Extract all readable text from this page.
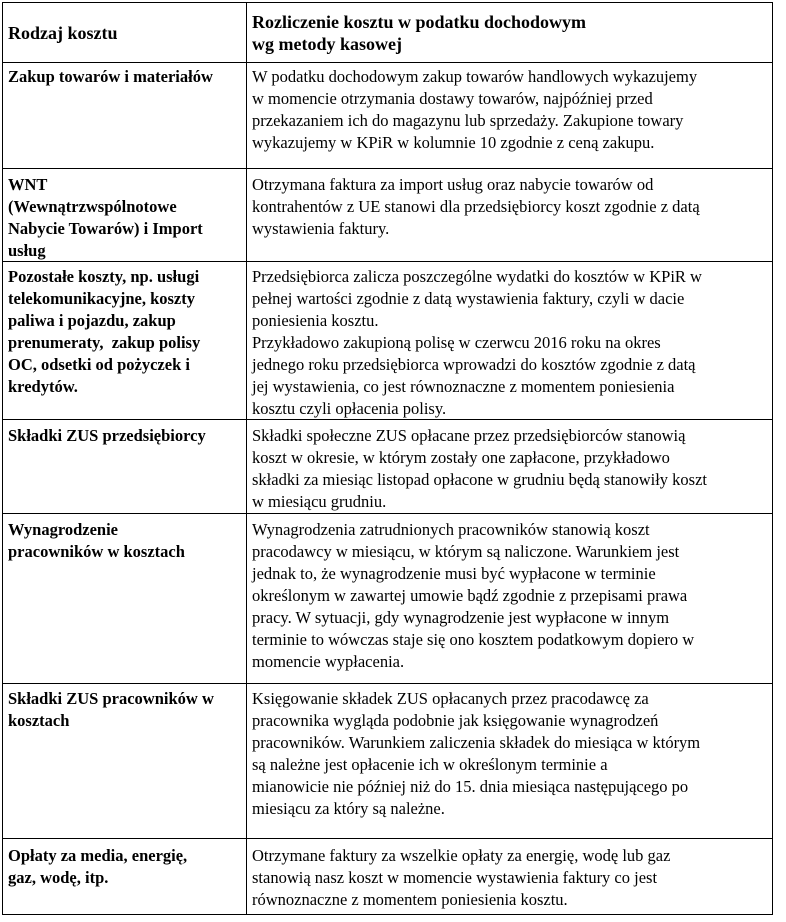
Rodzaj kosztu
Rozliczenie kosztu w podatku dochodowym
wg metody kasowej
Zakup towarów i materiałów	W podatku dochodowym zakup towarów handlowych wykazujemy
w momencie otrzymania dostawy towarów, najpóźniej przed
przekazaniem ich do magazynu lub sprzedaży. Zakupione towary
wykazujemy w KPiR w kolumnie 10 zgodnie z ceną zakupu.
WNT
(Wewnątrzwspólnotowe
Nabycie Towarów) i Import
usług
Otrzymana faktura za import usług oraz nabycie towarów od
kontrahentów z UE stanowi dla przedsiębiorcy koszt zgodnie z datą
wystawienia faktury.
Pozostałe koszty, np. usługi
telekomunikacyjne, koszty
paliwa i pojazdu, zakup
prenumeraty,  zakup polisy
OC, odsetki od pożyczek i
kredytów.
Przedsiębiorca zalicza poszczególne wydatki do kosztów w KPiR w
pełnej wartości zgodnie z datą wystawienia faktury, czyli w dacie
poniesienia kosztu.
Przykładowo zakupioną polisę w czerwcu 2016 roku na okres
jednego roku przedsiębiorca wprowadzi do kosztów zgodnie z datą
jej wystawienia, co jest równoznaczne z momentem poniesienia
kosztu czyli opłacenia polisy.
Składki ZUS przedsiębiorcy	Składki społeczne ZUS opłacane przez przedsiębiorców stanowią
koszt w okresie, w którym zostały one zapłacone, przykładowo
składki za miesiąc listopad opłacone w grudniu będą stanowiły koszt
w miesiącu grudniu.
Wynagrodzenie
pracowników w kosztach
Wynagrodzenia zatrudnionych pracowników stanowią koszt
pracodawcy w miesiącu, w którym są naliczone. Warunkiem jest
jednak to, że wynagrodzenie musi być wypłacone w terminie
określonym w zawartej umowie bądź zgodnie z przepisami prawa
pracy. W sytuacji, gdy wynagrodzenie jest wypłacone w innym
terminie to wówczas staje się ono kosztem podatkowym dopiero w
momencie wypłacenia.
Składki ZUS pracowników w
kosztach
Księgowanie składek ZUS opłacanych przez pracodawcę za
pracownika wygląda podobnie jak księgowanie wynagrodzeń
pracowników. Warunkiem zaliczenia składek do miesiąca w którym
są należne jest opłacenie ich w określonym terminie a
mianowicie nie później niż do 15. dnia miesiąca następującego po
miesiącu za który są należne.
Opłaty za media, energię,
gaz, wodę, itp.
Otrzymane faktury za wszelkie opłaty za energię, wodę lub gaz
stanowią nasz koszt w momencie wystawienia faktury co jest
równoznaczne z momentem poniesienia kosztu.
